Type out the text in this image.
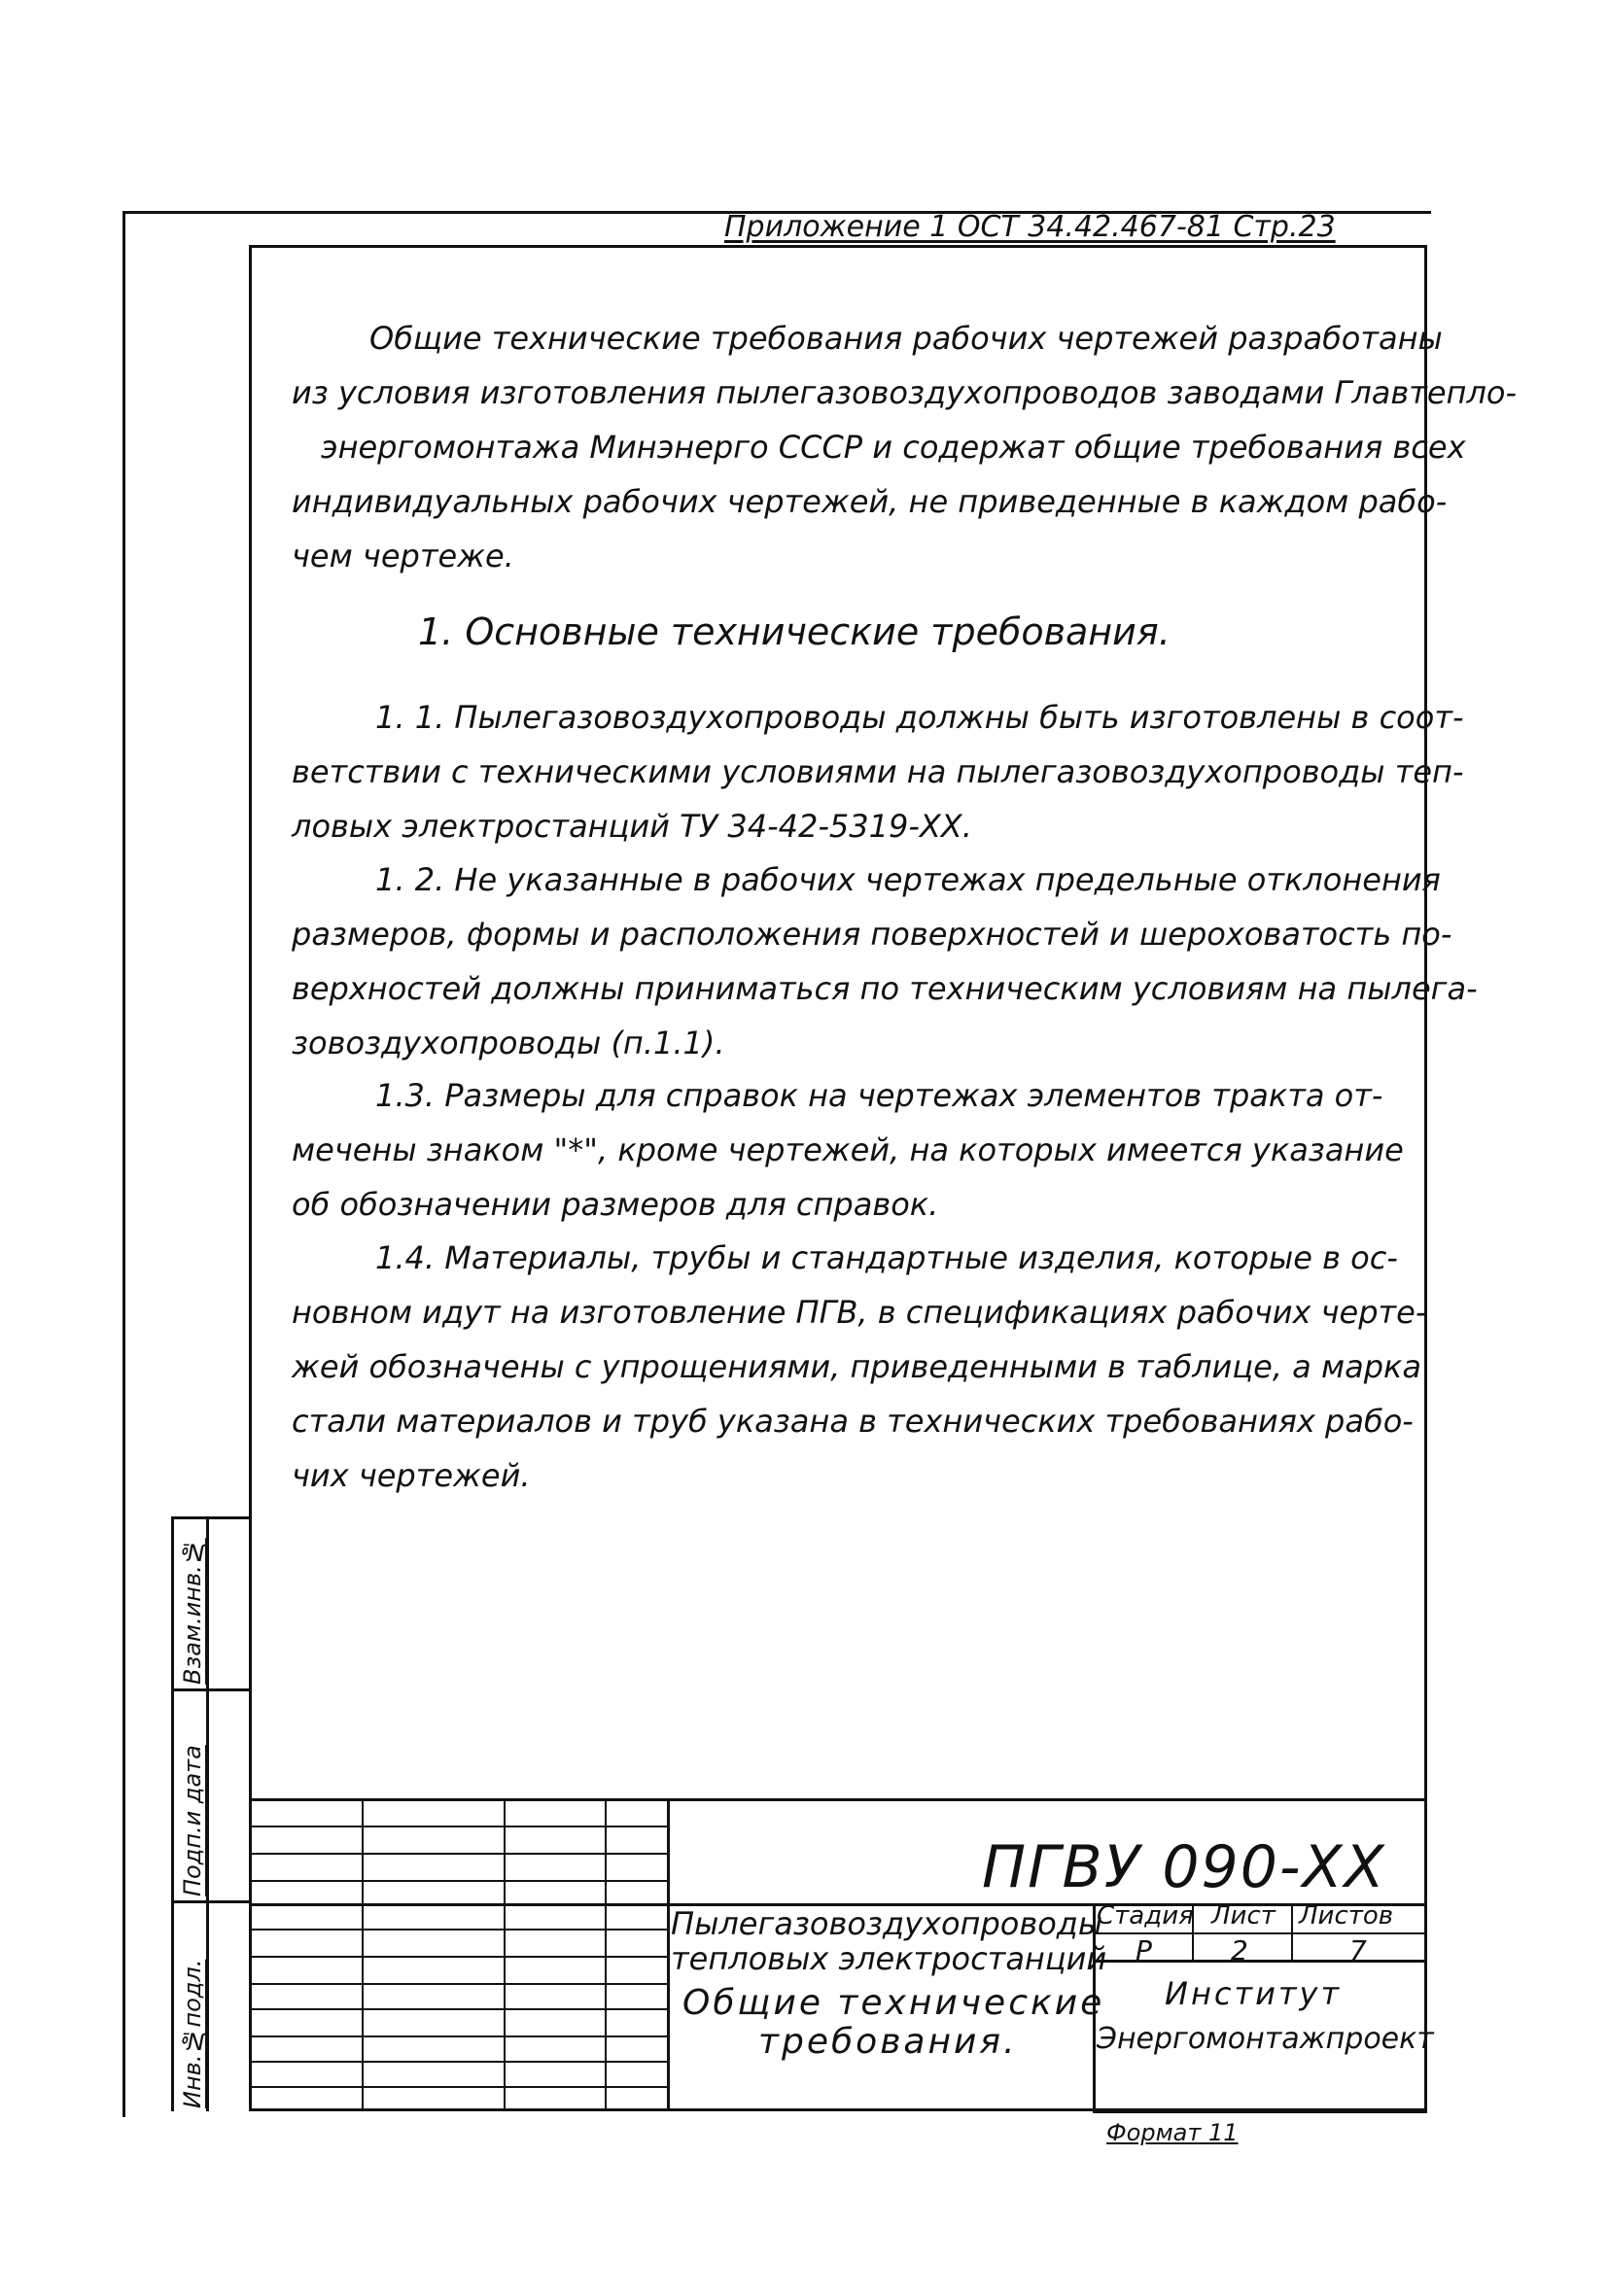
Приложение 1 ОСТ 34.42.467-81 Стр.23
Общие технические требования рабочих чертежей разработаны
из условия изготовления пылегазовоздухопроводов заводами Главтепло-
энергомонтажа Минэнерго СССР и содержат общие требования всех
индивидуальных рабочих чертежей, не приведенные в каждом рабо-
чем чертеже.
1. Основные технические требования.
1. 1. Пылегазовоздухопроводы должны быть изготовлены в соот-
ветствии с техническими условиями на пылегазовоздухопроводы теп-
ловых электростанций ТУ 34-42-5319-ХХ.
1. 2. Не указанные в рабочих чертежах предельные отклонения
размеров, формы и расположения поверхностей и шероховатость по-
верхностей должны приниматься по техническим условиям на пылега-
зовоздухопроводы (п.1.1).
1.3. Размеры для справок на чертежах элементов тракта от-
мечены знаком "*", кроме чертежей, на которых имеется указание
об обозначении размеров для справок.
1.4. Материалы, трубы и стандартные изделия, которые в ос-
новном идут на изготовление ПГВ, в спецификациях рабочих черте-
жей обозначены с упрощениями, приведенными в таблице, а марка
стали материалов и труб указана в технических требованиях рабо-
чих чертежей.
Взам.инв.№
Подп.и дата
Инв.№подл.
ПГВУ 090-ХХ
Пылегазовоздухопроводы
тепловых электростанций
Общие технические
требования.
Стадия Лист Листов
Р	2	7
Институт
Энергомонтажпроект
Формат 11
